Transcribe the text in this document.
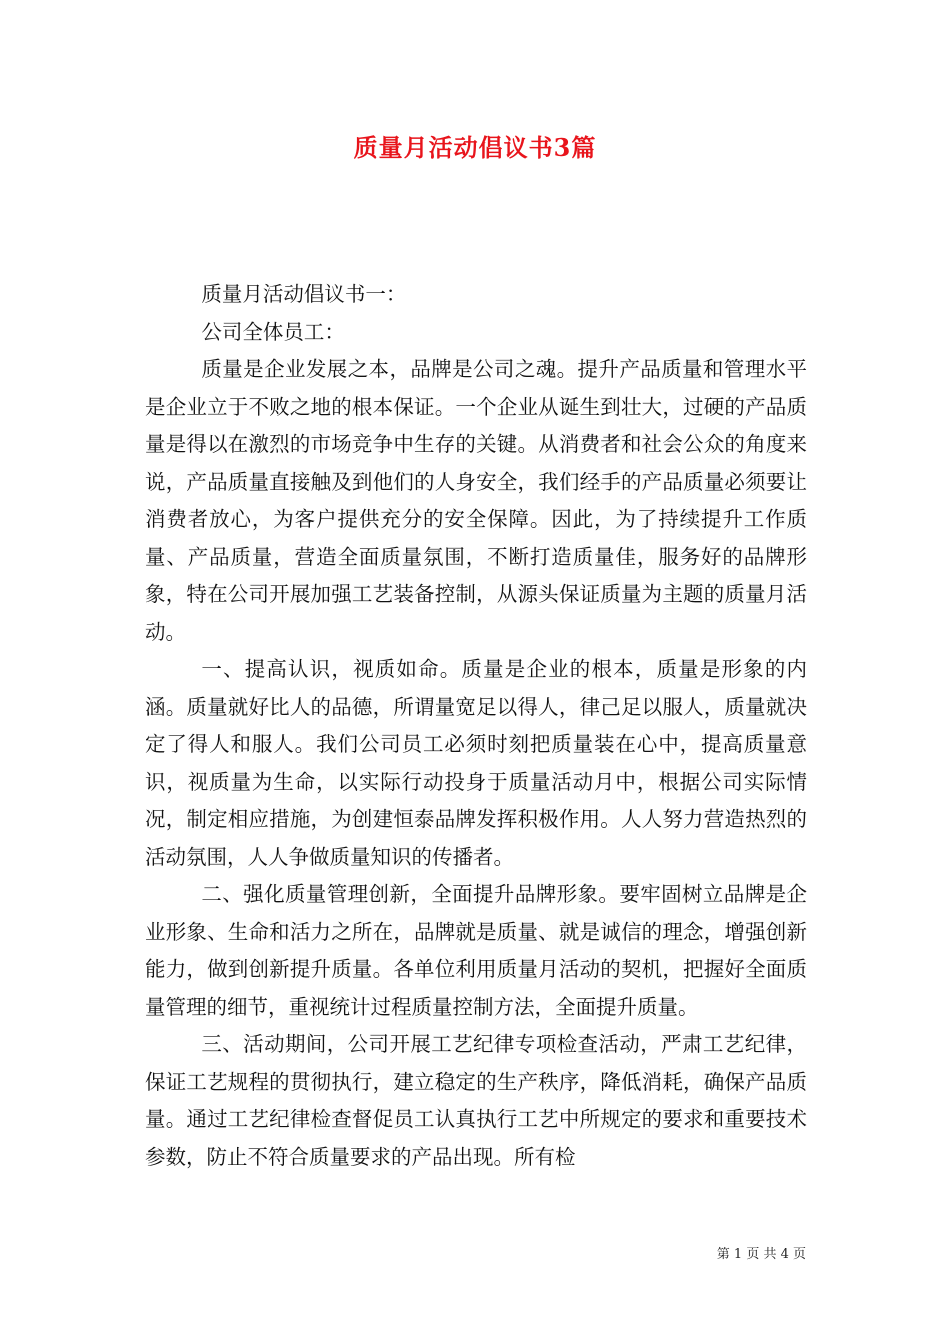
质量月活动倡议书3篇

质量月活动倡议书一：

公司全体员工：

质量是企业发展之本，品牌是公司之魂。提升产品质量和管理水平是企业立于不败之地的根本保证。一个企业从诞生到壮大，过硬的产品质量是得以在激烈的市场竞争中生存的关键。从消费者和社会公众的角度来说，产品质量直接触及到他们的人身安全，我们经手的产品质量必须要让消费者放心，为客户提供充分的安全保障。因此，为了持续提升工作质量、产品质量，营造全面质量氛围，不断打造质量佳，服务好的品牌形象，特在公司开展加强工艺装备控制，从源头保证质量为主题的质量月活动。

一、提高认识，视质如命。质量是企业的根本，质量是形象的内涵。质量就好比人的品德，所谓量宽足以得人，律己足以服人，质量就决定了得人和服人。我们公司员工必须时刻把质量装在心中，提高质量意识，视质量为生命，以实际行动投身于质量活动月中，根据公司实际情况，制定相应措施，为创建恒泰品牌发挥积极作用。人人努力营造热烈的活动氛围，人人争做质量知识的传播者。

二、强化质量管理创新，全面提升品牌形象。要牢固树立品牌是企业形象、生命和活力之所在，品牌就是质量、就是诚信的理念，增强创新能力，做到创新提升质量。各单位利用质量月活动的契机，把握好全面质量管理的细节，重视统计过程质量控制方法，全面提升质量。

三、活动期间，公司开展工艺纪律专项检查活动，严肃工艺纪律，保证工艺规程的贯彻执行，建立稳定的生产秩序，降低消耗，确保产品质量。通过工艺纪律检查督促员工认真执行工艺中所规定的要求和重要技术参数，防止不符合质量要求的产品出现。所有检

第 1 页 共 4 页
